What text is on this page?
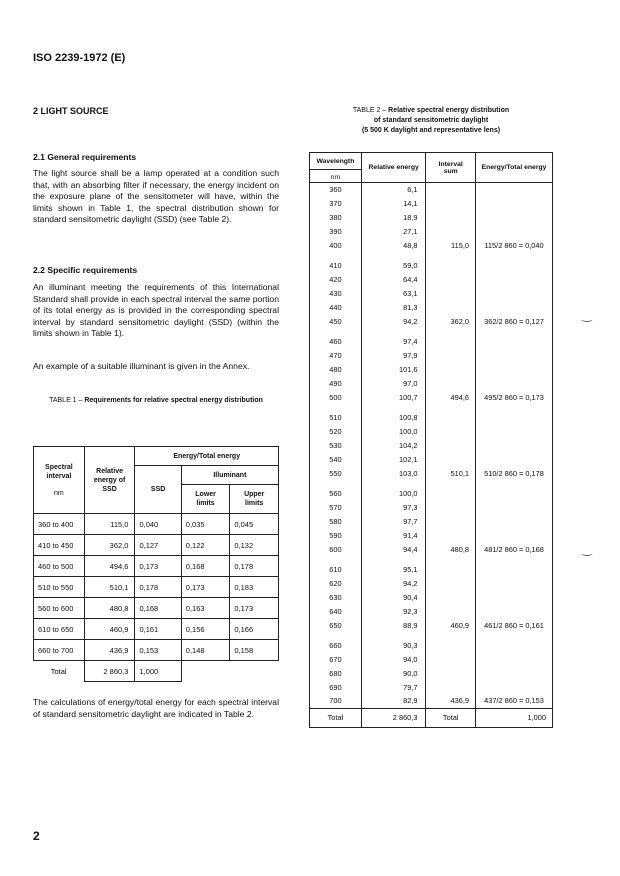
ISO 2239-1972 (E)
2 LIGHT SOURCE
2.1 General requirements
The light source shall be a lamp operated at a condition such that, with an absorbing filter if necessary, the energy incident on the exposure plane of the sensitometer will have, within the limits shown in Table 1, the spectral distribution shown for standard sensitometric daylight (SSD) (see Table 2).
2.2 Specific requirements
An illuminant meeting the requirements of this International Standard shall provide in each spectral interval the same portion of its total energy as is provided in the corresponding spectral interval by standard sensitometric daylight (SSD) (within the limits shown in Table 1).
An example of a suitable illuminant is given in the Annex.
TABLE 1 – Requirements for relative spectral energy distribution
Spectral interval
nm	Relative energy of SSD	Energy/Total energy		
		SSD	Illuminant	

			Lower limits	Upper limits

360 to 400	115,0	0,040	0,035	0,045
410 to 450	362,0	0,127	0,122	0,132
460 to 500	494,6	0,173	0,168	0,178
510 to 550	510,1	0,178	0,173	0,183
560 to 600	480,8	0,168	0,163	0,173
610 to 650	460,9	0,161	0,156	0,166
660 to 700	436,9	0,153	0,148	0,158
Total	2 860,3	1,000		
The calculations of energy/total energy for each spectral interval of standard sensitometric daylight are indicated in Table 2.
TABLE 2 – Relative spectral energy distribution
of standard sensitometric daylight
(5 500 K daylight and representative lens)
Wavelength
nm	Relative energy	Interval sum	Energy/Total energy
360	6,1		
370	14,1		
380	18,9		
390	27,1		
400	48,8	115,0	115/2 860 = 0,040

410	59,0		
420	64,4		
430	63,1		
440	81,3		
450	94,2	362,0	362/2 860 = 0,127

460	97,4		
470	97,9		
480	101,6		
490	97,0		
500	100,7	494,6	495/2 860 = 0,173

510	100,8		
520	100,0		
530	104,2		
540	102,1		
550	103,0	510,1	510/2 860 = 0,178

560	100,0		
570	97,3		
580	97,7		
590	91,4		
600	94,4	480,8	481/2 860 = 0,168

610	95,1		
620	94,2		
630	90,4		
640	92,3		
650	88,9	460,9	461/2 860 = 0,161

660	90,3		
670	94,0		
680	90,0		
690	79,7		
700	82,9	436,9	437/2 860 = 0,153
Total	2 860,3	Total	1,000
‿
‿
2
